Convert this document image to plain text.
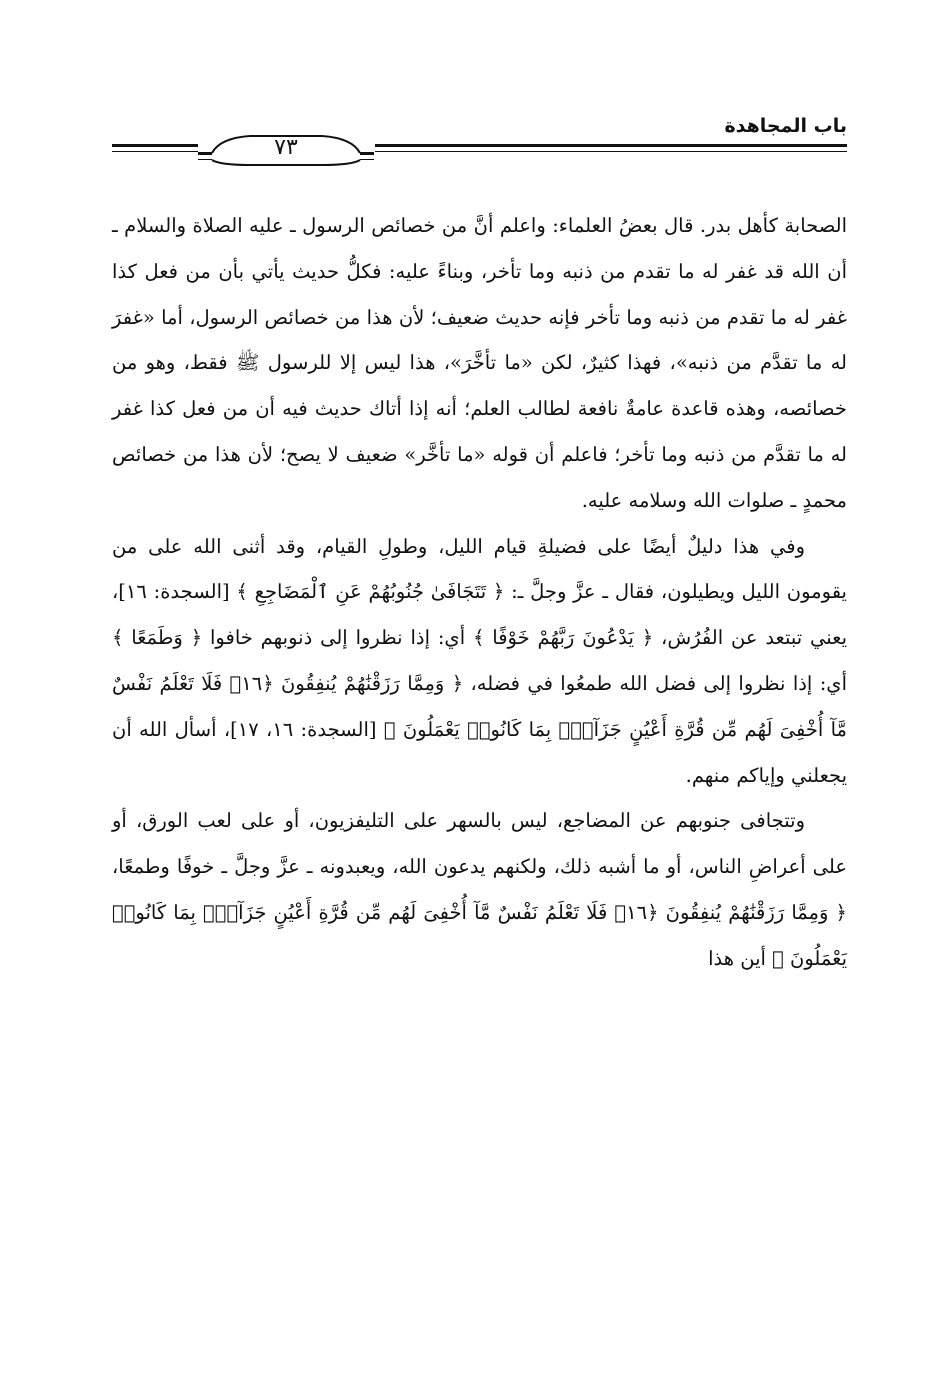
باب المجاهدة
٧٣

الصحابة كأهل بدر. قال بعضُ العلماء: واعلم أنَّ من خصائص الرسول ـ عليه الصلاة والسلام ـ أن الله قد غفر له ما تقدم من ذنبه وما تأخر، وبناءً عليه: فكلُّ حديث يأتي بأن من فعل كذا غفر له ما تقدم من ذنبه وما تأخر فإنه حديث ضعيف؛ لأن هذا من خصائص الرسول، أما «غفرَ له ما تقدَّم من ذنبه»، فهذا كثيرٌ، لكن «ما تأخَّرَ»، هذا ليس إلا للرسول ﷺ فقط، وهو من خصائصه، وهذه قاعدة عامةٌ نافعة لطالب العلم؛ أنه إذا أتاك حديث فيه أن من فعل كذا غفر له ما تقدَّم من ذنبه وما تأخر؛ فاعلم أن قوله «ما تأخَّر» ضعيف لا يصح؛ لأن هذا من خصائص محمدٍ ـ صلوات الله وسلامه عليه.

وفي هذا دليلٌ أيضًا على فضيلةِ قيام الليل، وطولِ القيام، وقد أثنى الله على من يقومون الليل ويطيلون، فقال ـ عزَّ وجلَّ ـ: ﴿ تَتَجَافَىٰ جُنُوبُهُمْ عَنِ ٱلْمَضَاجِعِ ﴾ [السجدة: ١٦]، يعني تبتعد عن الفُرُش، ﴿ يَدْعُونَ رَبَّهُمْ خَوْفًا ﴾ أي: إذا نظروا إلى ذنوبهم خافوا ﴿ وَطَمَعًا ﴾ أي: إذا نظروا إلى فضل الله طمعُوا في فضله، ﴿ وَمِمَّا رَزَقْنَٰهُمْ يُنفِقُونَ ﴿١٦﴾ فَلَا تَعْلَمُ نَفْسٌ مَّآ أُخْفِىَ لَهُم مِّن قُرَّةِ أَعْيُنٍ جَزَآءًۢ بِمَا كَانُوا۟ يَعْمَلُونَ ﴾ [السجدة: ١٦، ١٧]، أسأل الله أن يجعلني وإياكم منهم.

وتتجافى جنوبهم عن المضاجع، ليس بالسهر على التليفزيون، أو على لعب الورق، أو على أعراضِ الناس، أو ما أشبه ذلك، ولكنهم يدعون الله، ويعبدونه ـ عزَّ وجلَّ ـ خوفًا وطمعًا، ﴿ وَمِمَّا رَزَقْنَٰهُمْ يُنفِقُونَ ﴿١٦﴾ فَلَا تَعْلَمُ نَفْسٌ مَّآ أُخْفِىَ لَهُم مِّن قُرَّةِ أَعْيُنٍ جَزَآءًۢ بِمَا كَانُوا۟ يَعْمَلُونَ ﴾ أين هذا
